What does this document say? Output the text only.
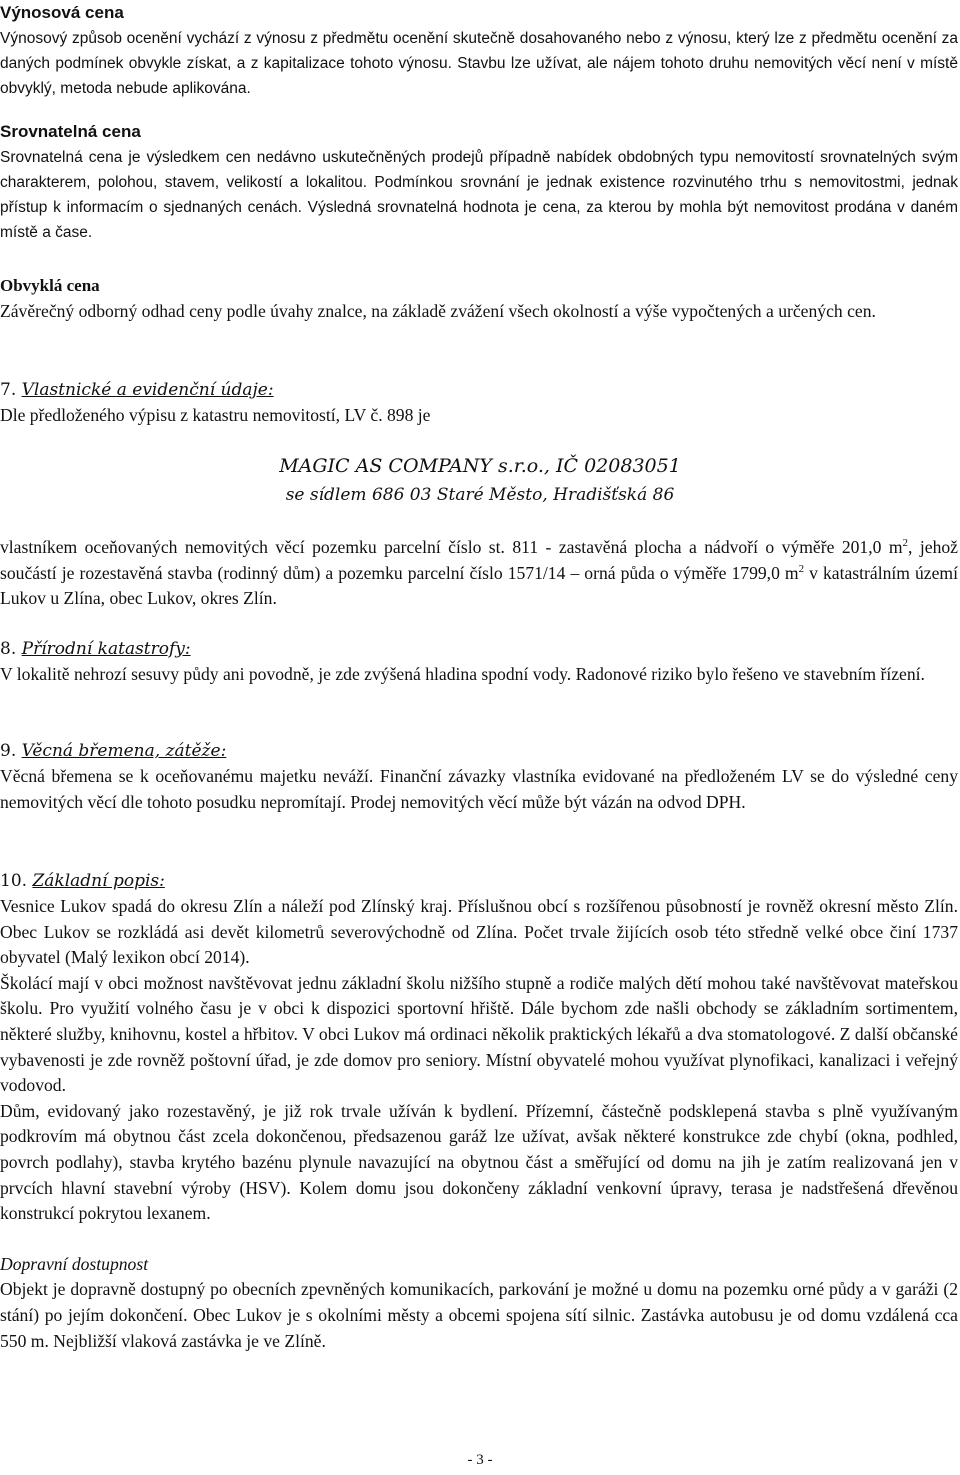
Výnosová cena

Výnosový způsob ocenění vychází z výnosu z předmětu ocenění skutečně dosahovaného nebo z výnosu, který lze z předmětu ocenění za daných podmínek obvykle získat, a z kapitalizace tohoto výnosu. Stavbu lze užívat, ale nájem tohoto druhu nemovitých věcí není v místě obvyklý, metoda nebude aplikována.

Srovnatelná cena

Srovnatelná cena je výsledkem cen nedávno uskutečněných prodejů případně nabídek obdobných typu nemovitostí srovnatelných svým charakterem, polohou, stavem, velikostí a lokalitou. Podmínkou srovnání je jednak existence rozvinutého trhu s nemovitostmi, jednak přístup k informacím o sjednaných cenách. Výsledná srovnatelná hodnota je cena, za kterou by mohla být nemovitost prodána v daném místě a čase.

Obvyklá cena

Závěrečný odborný odhad ceny podle úvahy znalce, na základě zvážení všech okolností a výše vypočtených a určených cen.

7. Vlastnické a evidenční údaje:

Dle předloženého výpisu z katastru nemovitostí, LV č. 898 je

MAGIC AS COMPANY s.r.o., IČ 02083051
se sídlem 686 03 Staré Město, Hradišťská 86

vlastníkem oceňovaných nemovitých věcí pozemku parcelní číslo st. 811 - zastavěná plocha a nádvoří o výměře 201,0 $m^2$, jehož součástí je rozestavěná stavba (rodinný dům) a pozemku parcelní číslo 1571/14 – orná půda o výměře 1799,0 $m^2$ v katastrálním území Lukov u Zlína, obec Lukov, okres Zlín.

8. Přírodní katastrofy:

V lokalitě nehrozí sesuvy půdy ani povodně, je zde zvýšená hladina spodní vody. Radonové riziko bylo řešeno ve stavebním řízení.

9. Věcná břemena, zátěže:

Věcná břemena se k oceňovanému majetku neváží. Finanční závazky vlastníka evidované na předloženém LV se do výsledné ceny nemovitých věcí dle tohoto posudku nepromítají. Prodej nemovitých věcí může být vázán na odvod DPH.

10. Základní popis:

Vesnice Lukov spadá do okresu Zlín a náleží pod Zlínský kraj. Příslušnou obcí s rozšířenou působností je rovněž okresní město Zlín. Obec Lukov se rozkládá asi devět kilometrů severovýchodně od Zlína. Počet trvale žijících osob této středně velké obce činí 1737 obyvatel (Malý lexikon obcí 2014).

Školácí mají v obci možnost navštěvovat jednu základní školu nižšího stupně a rodiče malých dětí mohou také navštěvovat mateřskou školu. Pro využití volného času je v obci k dispozici sportovní hřiště. Dále bychom zde našli obchody se základním sortimentem, některé služby, knihovnu, kostel a hřbitov. V obci Lukov má ordinaci několik praktických lékařů a dva stomatologové. Z další občanské vybavenosti je zde rovněž poštovní úřad, je zde domov pro seniory. Místní obyvatelé mohou využívat plynofikaci, kanalizaci i veřejný vodovod.

Dům, evidovaný jako rozestavěný, je již rok trvale užíván k bydlení. Přízemní, částečně podsklepená stavba s plně využívaným podkrovím má obytnou část zcela dokončenou, předsazenou garáž lze užívat, avšak některé konstrukce zde chybí (okna, podhled, povrch podlahy), stavba krytého bazénu plynule navazující na obytnou část a směřující od domu na jih je zatím realizovaná jen v prvcích hlavní stavební výroby (HSV). Kolem domu jsou dokončeny základní venkovní úpravy, terasa je nadstřešená dřevěnou konstrukcí pokrytou lexanem.

Dopravní dostupnost

Objekt je dopravně dostupný po obecních zpevněných komunikacích, parkování je možné u domu na pozemku orné půdy a v garáži (2 stání) po jejím dokončení. Obec Lukov je s okolními městy a obcemi spojena sítí silnic. Zastávka autobusu je od domu vzdálená cca 550 m. Nejbližší vlaková zastávka je ve Zlíně.

- 3 -
